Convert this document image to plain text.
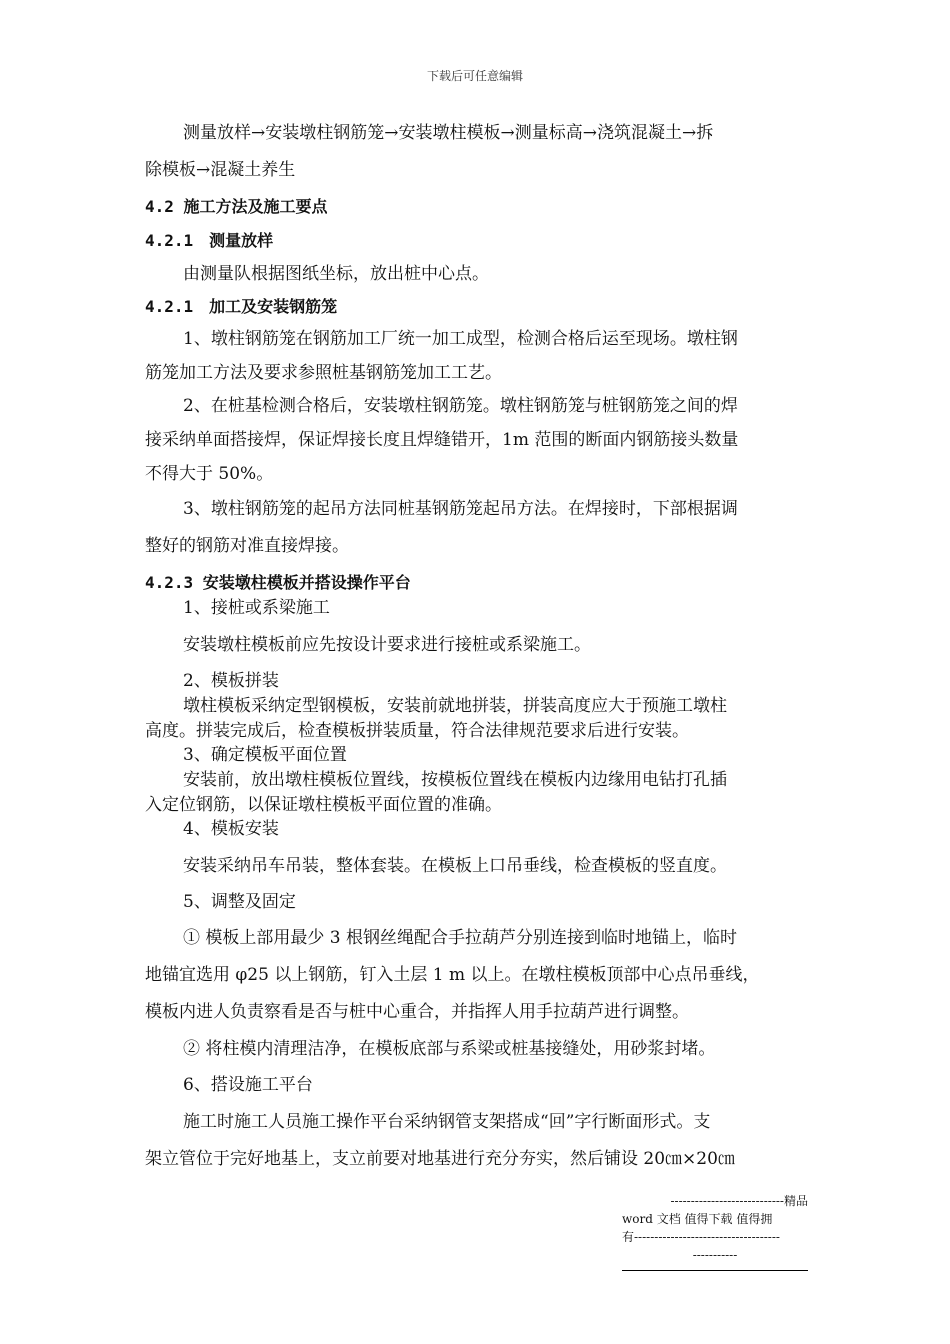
下载后可任意编辑
测量放样→安装墩柱钢筋笼→安装墩柱模板→测量标高→浇筑混凝土→拆
除模板→混凝土养生
4.2 施工方法及施工要点
4.2.1　测量放样
由测量队根据图纸坐标，放出桩中心点。
4.2.1　加工及安装钢筋笼
1、墩柱钢筋笼在钢筋加工厂统一加工成型，检测合格后运至现场。墩柱钢
筋笼加工方法及要求参照桩基钢筋笼加工工艺。
2、在桩基检测合格后，安装墩柱钢筋笼。墩柱钢筋笼与桩钢筋笼之间的焊
接采纳单面搭接焊，保证焊接长度且焊缝错开，1m 范围的断面内钢筋接头数量
不得大于 50%。
3、墩柱钢筋笼的起吊方法同桩基钢筋笼起吊方法。在焊接时，下部根据调
整好的钢筋对准直接焊接。
4.2.3 安装墩柱模板并搭设操作平台
1、接桩或系梁施工
安装墩柱模板前应先按设计要求进行接桩或系梁施工。
2、模板拼装
墩柱模板采纳定型钢模板，安装前就地拼装，拼装高度应大于预施工墩柱
高度。拼装完成后，检查模板拼装质量，符合法律规范要求后进行安装。
3、确定模板平面位置
安装前，放出墩柱模板位置线，按模板位置线在模板内边缘用电钻打孔插
入定位钢筋，以保证墩柱模板平面位置的准确。
4、模板安装
安装采纳吊车吊装，整体套装。在模板上口吊垂线，检查模板的竖直度。
5、调整及固定
① 模板上部用最少 3 根钢丝绳配合手拉葫芦分别连接到临时地锚上，临时
地锚宜选用 φ25 以上钢筋，钉入土层 1 m 以上。在墩柱模板顶部中心点吊垂线，
模板内进人负责察看是否与桩中心重合，并指挥人用手拉葫芦进行调整。
② 将柱模内清理洁净，在模板底部与系梁或桩基接缝处，用砂浆封堵。
6、搭设施工平台
施工时施工人员施工操作平台采纳钢管支架搭成“回”字行断面形式。支
架立管位于完好地基上，支立前要对地基进行充分夯实，然后铺设 20㎝×20㎝
----------------------------精品
word 文档 值得下载 值得拥
有------------------------------------
-----------
